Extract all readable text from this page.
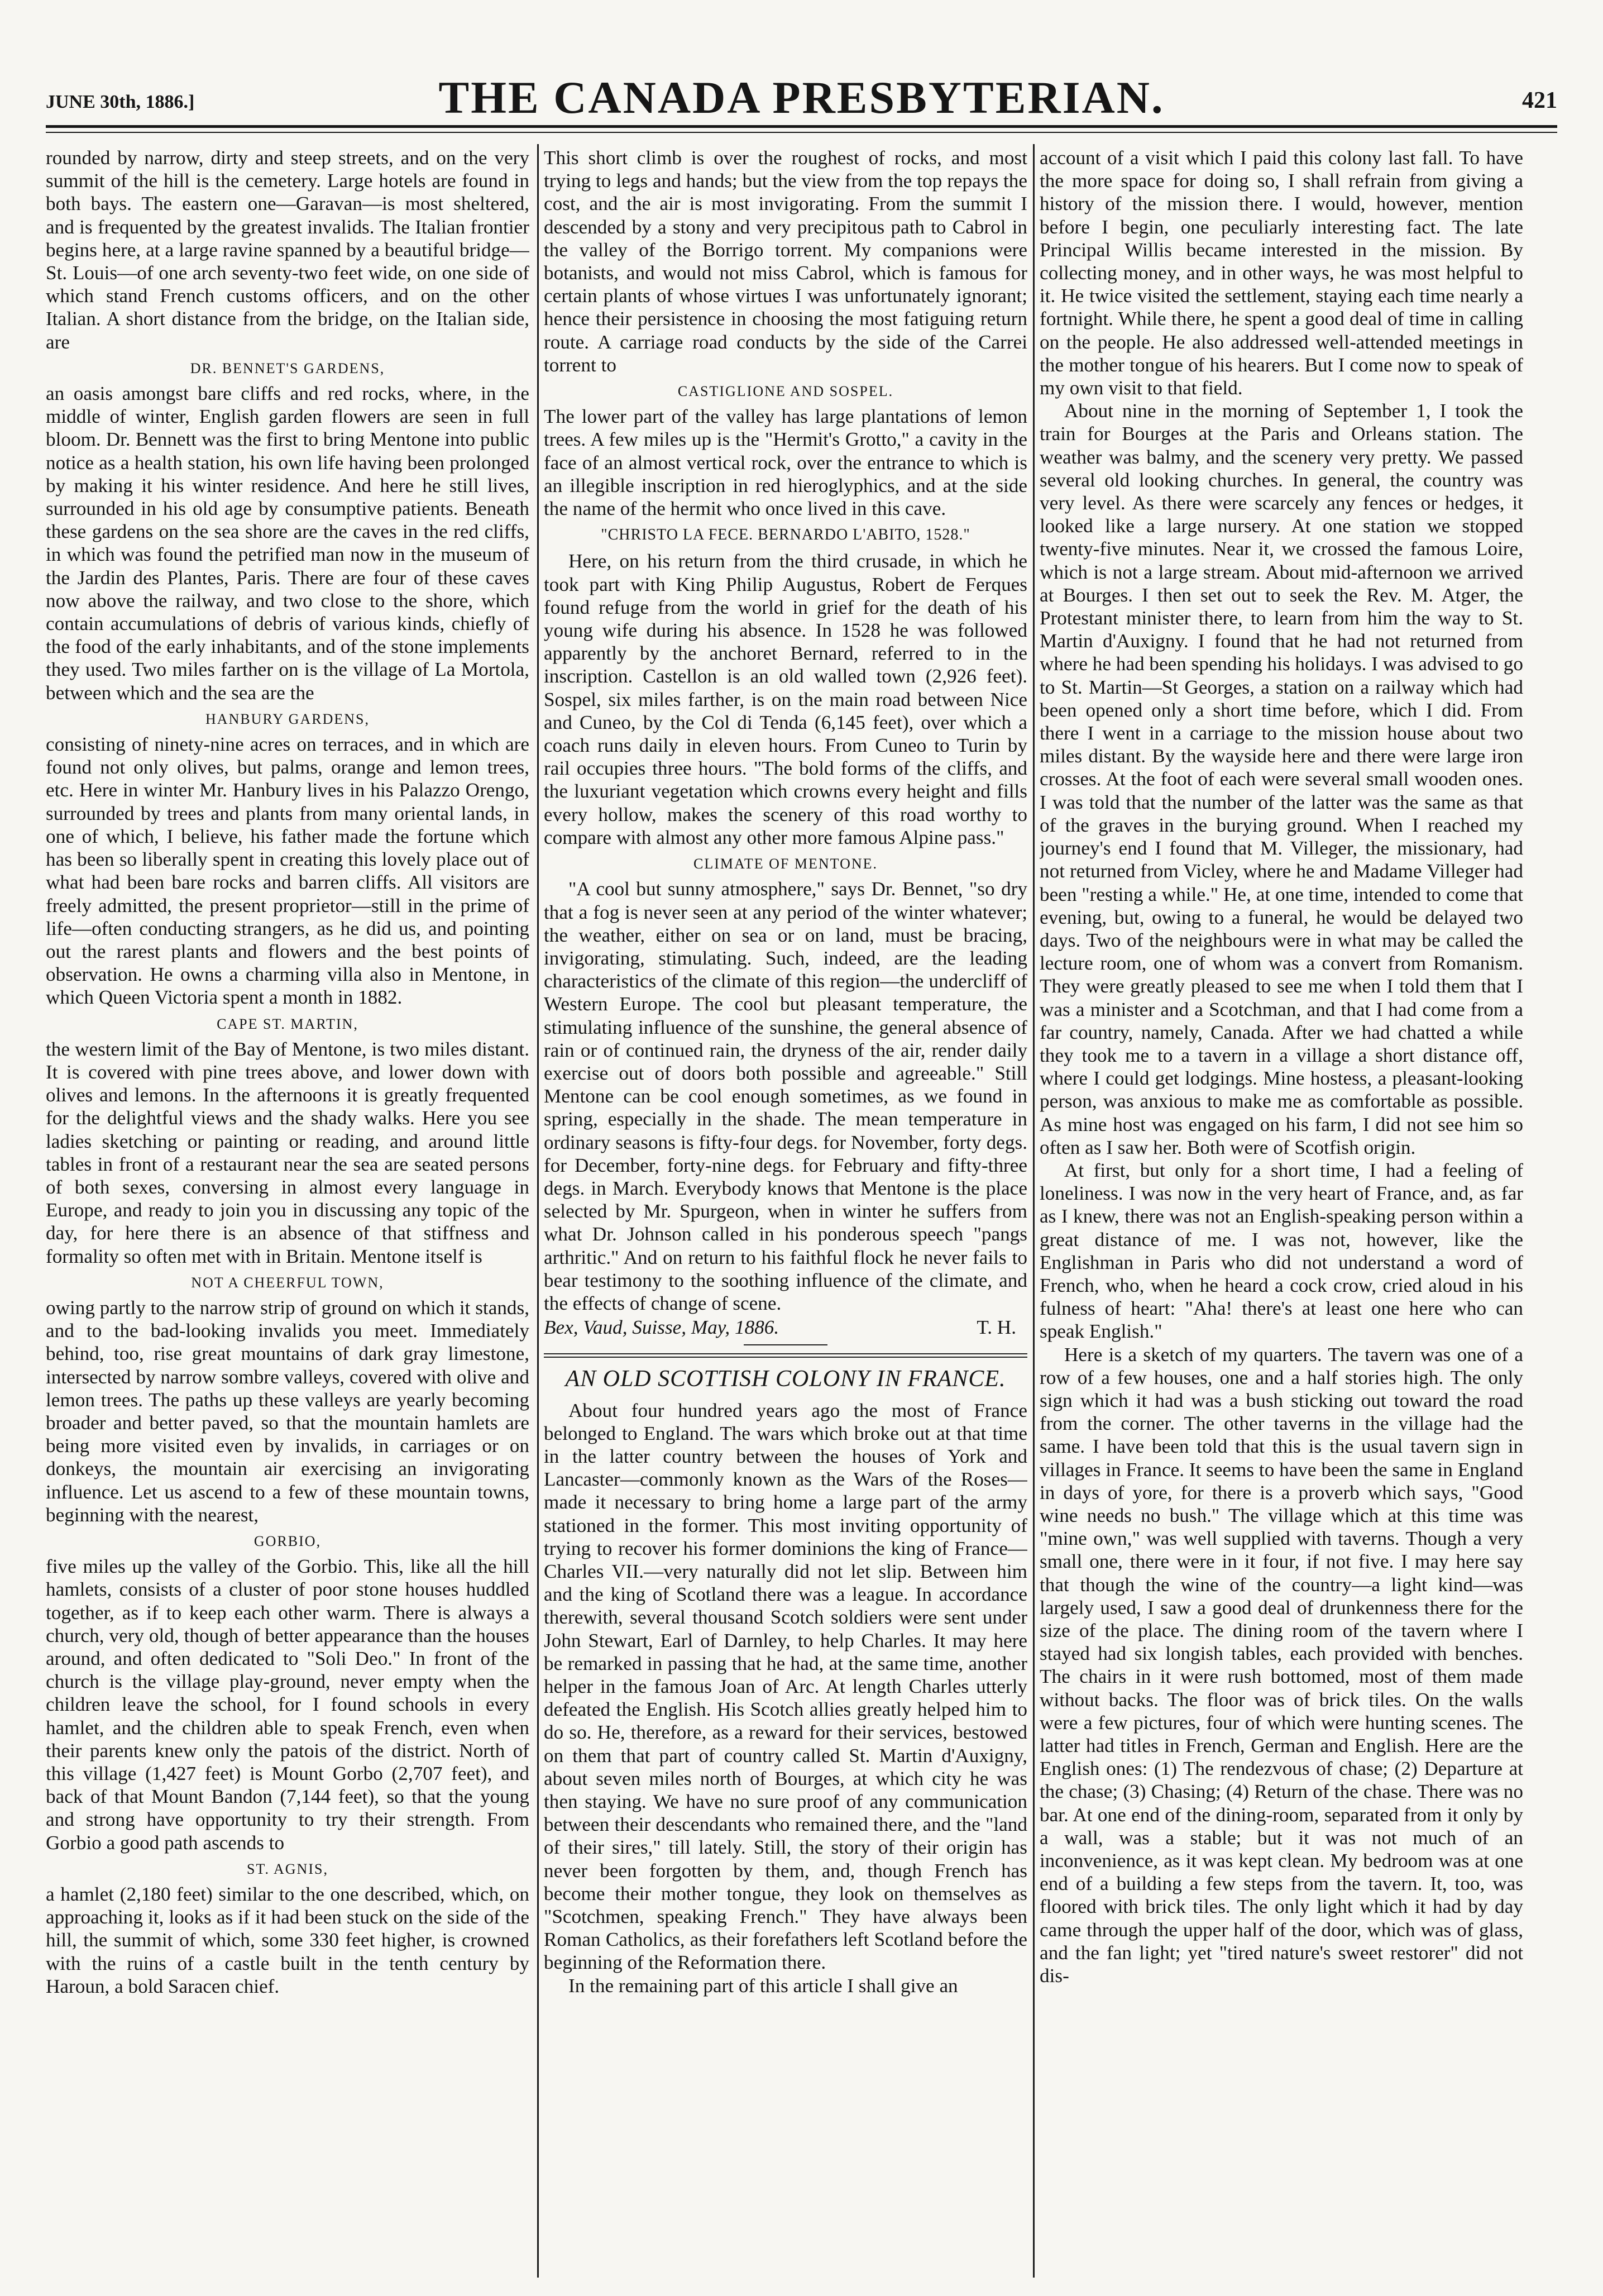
JUNE 30th, 1886.]	THE CANADA PRESBYTERIAN.	421

rounded by narrow, dirty and steep streets, and on the very summit of the hill is the cemetery. Large hotels are found in both bays. The eastern one—Garavan—is most sheltered, and is frequented by the greatest invalids. The Italian frontier begins here, at a large ravine spanned by a beautiful bridge—St. Louis—of one arch seventy-two feet wide, on one side of which stand French customs officers, and on the other Italian. A short distance from the bridge, on the Italian side, are

DR. BENNET'S GARDENS,

an oasis amongst bare cliffs and red rocks, where, in the middle of winter, English garden flowers are seen in full bloom. Dr. Bennett was the first to bring Mentone into public notice as a health station, his own life having been prolonged by making it his winter residence. And here he still lives, surrounded in his old age by consumptive patients. Beneath these gardens on the sea shore are the caves in the red cliffs, in which was found the petrified man now in the museum of the Jardin des Plantes, Paris. There are four of these caves now above the railway, and two close to the shore, which contain accumulations of debris of various kinds, chiefly of the food of the early inhabitants, and of the stone implements they used. Two miles farther on is the village of La Mortola, between which and the sea are the

HANBURY GARDENS,

consisting of ninety-nine acres on terraces, and in which are found not only olives, but palms, orange and lemon trees, etc. Here in winter Mr. Hanbury lives in his Palazzo Orengo, surrounded by trees and plants from many oriental lands, in one of which, I believe, his father made the fortune which has been so liberally spent in creating this lovely place out of what had been bare rocks and barren cliffs. All visitors are freely admitted, the present proprietor—still in the prime of life—often conducting strangers, as he did us, and pointing out the rarest plants and flowers and the best points of observation. He owns a charming villa also in Mentone, in which Queen Victoria spent a month in 1882.

CAPE ST. MARTIN,

the western limit of the Bay of Mentone, is two miles distant. It is covered with pine trees above, and lower down with olives and lemons. In the afternoons it is greatly frequented for the delightful views and the shady walks. Here you see ladies sketching or painting or reading, and around little tables in front of a restaurant near the sea are seated persons of both sexes, conversing in almost every language in Europe, and ready to join you in discussing any topic of the day, for here there is an absence of that stiffness and formality so often met with in Britain. Mentone itself is

NOT A CHEERFUL TOWN,

owing partly to the narrow strip of ground on which it stands, and to the bad-looking invalids you meet. Immediately behind, too, rise great mountains of dark gray limestone, intersected by narrow sombre valleys, covered with olive and lemon trees. The paths up these valleys are yearly becoming broader and better paved, so that the mountain hamlets are being more visited even by invalids, in carriages or on donkeys, the mountain air exercising an invigorating influence. Let us ascend to a few of these mountain towns, beginning with the nearest,

GORBIO,

five miles up the valley of the Gorbio. This, like all the hill hamlets, consists of a cluster of poor stone houses huddled together, as if to keep each other warm. There is always a church, very old, though of better appearance than the houses around, and often dedicated to "Soli Deo." In front of the church is the village play-ground, never empty when the children leave the school, for I found schools in every hamlet, and the children able to speak French, even when their parents knew only the patois of the district. North of this village (1,427 feet) is Mount Gorbo (2,707 feet), and back of that Mount Bandon (7,144 feet), so that the young and strong have opportunity to try their strength. From Gorbio a good path ascends to

ST. AGNIS,

a hamlet (2,180 feet) similar to the one described, which, on approaching it, looks as if it had been stuck on the side of the hill, the summit of which, some 330 feet higher, is crowned with the ruins of a castle built in the tenth century by Haroun, a bold Saracen chief.

This short climb is over the roughest of rocks, and most trying to legs and hands; but the view from the top repays the cost, and the air is most invigorating. From the summit I descended by a stony and very precipitous path to Cabrol in the valley of the Borrigo torrent. My companions were botanists, and would not miss Cabrol, which is famous for certain plants of whose virtues I was unfortunately ignorant; hence their persistence in choosing the most fatiguing return route. A carriage road conducts by the side of the Carrei torrent to

CASTIGLIONE AND SOSPEL.

The lower part of the valley has large plantations of lemon trees. A few miles up is the "Hermit's Grotto," a cavity in the face of an almost vertical rock, over the entrance to which is an illegible inscription in red hieroglyphics, and at the side the name of the hermit who once lived in this cave.

"CHRISTO LA FECE. BERNARDO L'ABITO, 1528."

Here, on his return from the third crusade, in which he took part with King Philip Augustus, Robert de Ferques found refuge from the world in grief for the death of his young wife during his absence. In 1528 he was followed apparently by the anchoret Bernard, referred to in the inscription. Castellon is an old walled town (2,926 feet). Sospel, six miles farther, is on the main road between Nice and Cuneo, by the Col di Tenda (6,145 feet), over which a coach runs daily in eleven hours. From Cuneo to Turin by rail occupies three hours. "The bold forms of the cliffs, and the luxuriant vegetation which crowns every height and fills every hollow, makes the scenery of this road worthy to compare with almost any other more famous Alpine pass."

CLIMATE OF MENTONE.

"A cool but sunny atmosphere," says Dr. Bennet, "so dry that a fog is never seen at any period of the winter whatever; the weather, either on sea or on land, must be bracing, invigorating, stimulating. Such, indeed, are the leading characteristics of the climate of this region—the undercliff of Western Europe. The cool but pleasant temperature, the stimulating influence of the sunshine, the general absence of rain or of continued rain, the dryness of the air, render daily exercise out of doors both possible and agreeable." Still Mentone can be cool enough sometimes, as we found in spring, especially in the shade. The mean temperature in ordinary seasons is fifty-four degs. for November, forty degs. for December, forty-nine degs. for February and fifty-three degs. in March. Everybody knows that Mentone is the place selected by Mr. Spurgeon, when in winter he suffers from what Dr. Johnson called in his ponderous speech "pangs arthritic." And on return to his faithful flock he never fails to bear testimony to the soothing influence of the climate, and the effects of change of scene.

Bex, Vaud, Suisse, May, 1886.	T. H.

AN OLD SCOTTISH COLONY IN FRANCE.

About four hundred years ago the most of France belonged to England. The wars which broke out at that time in the latter country between the houses of York and Lancaster—commonly known as the Wars of the Roses—made it necessary to bring home a large part of the army stationed in the former. This most inviting opportunity of trying to recover his former dominions the king of France—Charles VII.—very naturally did not let slip. Between him and the king of Scotland there was a league. In accordance therewith, several thousand Scotch soldiers were sent under John Stewart, Earl of Darnley, to help Charles. It may here be remarked in passing that he had, at the same time, another helper in the famous Joan of Arc. At length Charles utterly defeated the English. His Scotch allies greatly helped him to do so. He, therefore, as a reward for their services, bestowed on them that part of country called St. Martin d'Auxigny, about seven miles north of Bourges, at which city he was then staying. We have no sure proof of any communication between their descendants who remained there, and the "land of their sires," till lately. Still, the story of their origin has never been forgotten by them, and, though French has become their mother tongue, they look on themselves as "Scotchmen, speaking French." They have always been Roman Catholics, as their forefathers left Scotland before the beginning of the Reformation there.

In the remaining part of this article I shall give an

account of a visit which I paid this colony last fall. To have the more space for doing so, I shall refrain from giving a history of the mission there. I would, however, mention before I begin, one peculiarly interesting fact. The late Principal Willis became interested in the mission. By collecting money, and in other ways, he was most helpful to it. He twice visited the settlement, staying each time nearly a fortnight. While there, he spent a good deal of time in calling on the people. He also addressed well-attended meetings in the mother tongue of his hearers. But I come now to speak of my own visit to that field.

About nine in the morning of September 1, I took the train for Bourges at the Paris and Orleans station. The weather was balmy, and the scenery very pretty. We passed several old looking churches. In general, the country was very level. As there were scarcely any fences or hedges, it looked like a large nursery. At one station we stopped twenty-five minutes. Near it, we crossed the famous Loire, which is not a large stream. About mid-afternoon we arrived at Bourges. I then set out to seek the Rev. M. Atger, the Protestant minister there, to learn from him the way to St. Martin d'Auxigny. I found that he had not returned from where he had been spending his holidays. I was advised to go to St. Martin—St Georges, a station on a railway which had been opened only a short time before, which I did. From there I went in a carriage to the mission house about two miles distant. By the wayside here and there were large iron crosses. At the foot of each were several small wooden ones. I was told that the number of the latter was the same as that of the graves in the burying ground. When I reached my journey's end I found that M. Villeger, the missionary, had not returned from Vicley, where he and Madame Villeger had been "resting a while." He, at one time, intended to come that evening, but, owing to a funeral, he would be delayed two days. Two of the neighbours were in what may be called the lecture room, one of whom was a convert from Romanism. They were greatly pleased to see me when I told them that I was a minister and a Scotchman, and that I had come from a far country, namely, Canada. After we had chatted a while they took me to a tavern in a village a short distance off, where I could get lodgings. Mine hostess, a pleasant-looking person, was anxious to make me as comfortable as possible. As mine host was engaged on his farm, I did not see him so often as I saw her. Both were of Scotfish origin.

At first, but only for a short time, I had a feeling of loneliness. I was now in the very heart of France, and, as far as I knew, there was not an English-speaking person within a great distance of me. I was not, however, like the Englishman in Paris who did not understand a word of French, who, when he heard a cock crow, cried aloud in his fulness of heart: "Aha! there's at least one here who can speak English."

Here is a sketch of my quarters. The tavern was one of a row of a few houses, one and a half stories high. The only sign which it had was a bush sticking out toward the road from the corner. The other taverns in the village had the same. I have been told that this is the usual tavern sign in villages in France. It seems to have been the same in England in days of yore, for there is a proverb which says, "Good wine needs no bush." The village which at this time was "mine own," was well supplied with taverns. Though a very small one, there were in it four, if not five. I may here say that though the wine of the country—a light kind—was largely used, I saw a good deal of drunkenness there for the size of the place. The dining room of the tavern where I stayed had six longish tables, each provided with benches. The chairs in it were rush bottomed, most of them made without backs. The floor was of brick tiles. On the walls were a few pictures, four of which were hunting scenes. The latter had titles in French, German and English. Here are the English ones: (1) The rendezvous of chase; (2) Departure at the chase; (3) Chasing; (4) Return of the chase. There was no bar. At one end of the dining-room, separated from it only by a wall, was a stable; but it was not much of an inconvenience, as it was kept clean. My bedroom was at one end of a building a few steps from the tavern. It, too, was floored with brick tiles. The only light which it had by day came through the upper half of the door, which was of glass, and the fan light; yet "tired nature's sweet restorer" did not dis-
